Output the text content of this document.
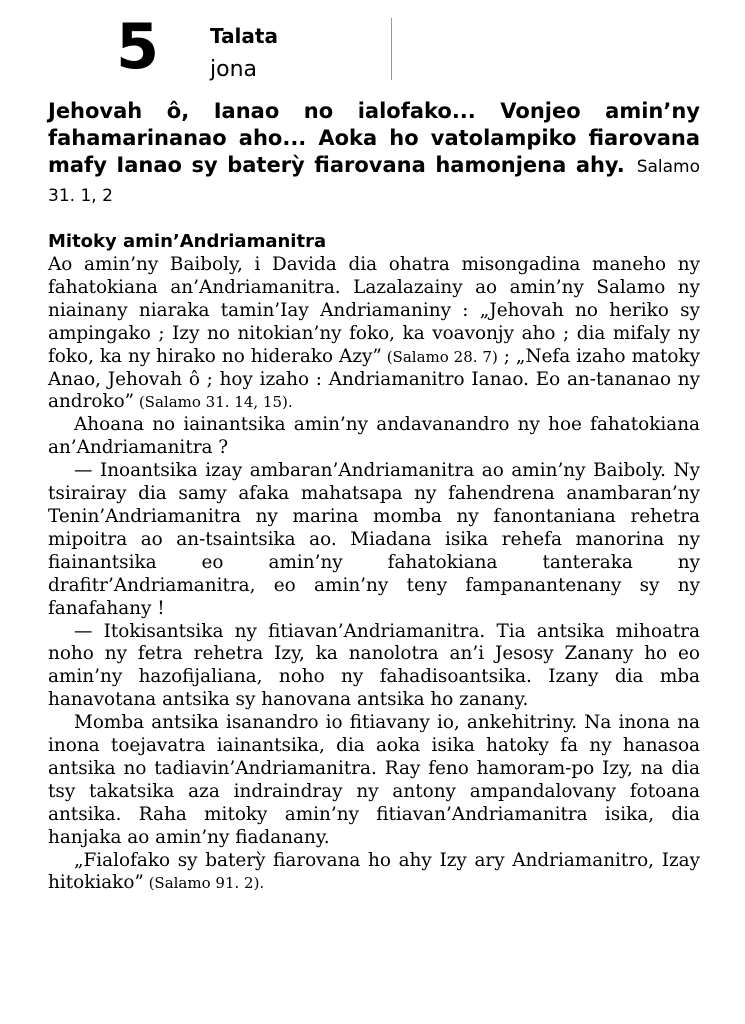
5	Talata
jona
Jehovah ô, Ianao no ialofako... Vonjeo amin’ny fahamarinanao aho... Aoka ho vatolampiko fiarovana mafy Ianao sy baterỳ fiarovana hamonjena ahy. Salamo 31. 1, 2
Mitoky amin’Andriamanitra

Ao amin’ny Baiboly, i Davida dia ohatra misongadina maneho ny fahatokiana an’Andriamanitra. Lazalazainy ao amin’ny Salamo ny niainany niaraka tamin’Iay Andriamaniny : „Jehovah no heriko sy ampingako ; Izy no nitokian’ny foko, ka voavonjy aho ; dia mifaly ny foko, ka ny hirako no hiderako Azy” (Salamo 28. 7) ; „Nefa izaho matoky Anao, Jehovah ô ; hoy izaho : Andriamanitro Ianao. Eo an-tananao ny androko” (Salamo 31. 14, 15).

Ahoana no iainantsika amin’ny andavanandro ny hoe fahatokiana an’Andriamanitra ?

— Inoantsika izay ambaran’Andriamanitra ao amin’ny Baiboly. Ny tsirairay dia samy afaka mahatsapa ny fahendrena anambaran’ny Tenin’Andriamanitra ny marina momba ny fanontaniana rehetra mipoitra ao an-tsaintsika ao. Miadana isika rehefa manorina ny fiainantsika eo amin’ny fahatokiana tanteraka ny drafitr’Andriamanitra, eo amin’ny teny fampanantenany sy ny fanafahany !

— Itokisantsika ny fitiavan’Andriamanitra. Tia antsika mihoatra noho ny fetra rehetra Izy, ka nanolotra an’i Jesosy Zanany ho eo amin’ny hazofijaliana, noho ny fahadisoantsika. Izany dia mba hanavotana antsika sy hanovana antsika ho zanany.

Momba antsika isanandro io fitiavany io, ankehitriny. Na inona na inona toejavatra iainantsika, dia aoka isika hatoky fa ny hanasoa antsika no tadiavin’Andriamanitra. Ray feno hamoram-po Izy, na dia tsy takatsika aza indraindray ny antony ampandalovany fotoana antsika. Raha mitoky amin’ny fitiavan’Andriamanitra isika, dia hanjaka ao amin’ny fiadanany.

„Fialofako sy baterỳ fiarovana ho ahy Izy ary Andriamanitro, Izay hitokiako” (Salamo 91. 2).
